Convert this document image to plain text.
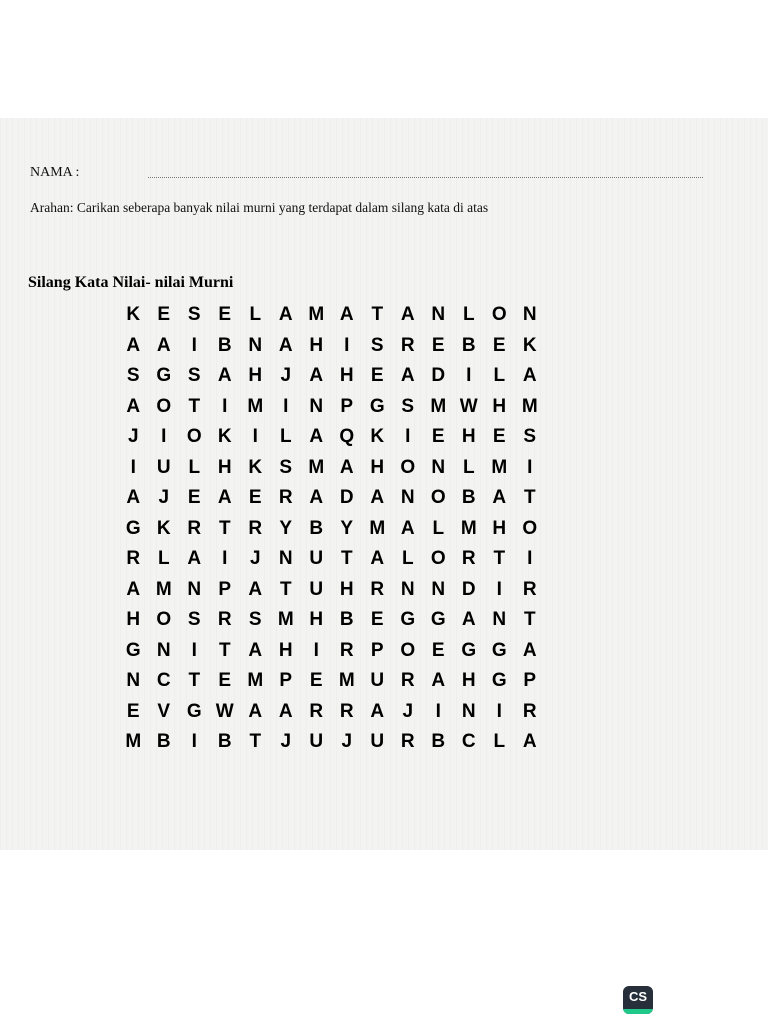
NAMA :
Arahan: Carikan seberapa banyak nilai murni yang terdapat dalam silang kata di atas
Silang Kata Nilai- nilai Murni
K E S E L A M A T A N L O N
A A	I	B N A H	I	S R E B E K
S G S A H J A H E A D	I	L A
A O T	I	M	I	N P G S M W H M
J	I	O K	I	L A Q K	I	E H E S
I	U L H K S M A H O N L M	I
A J E A E R A D A N O B A T
G K R T R Y B Y M A L M H O
R L A	I	J N U T A L O R T	I
A M N P A T U H R N N D	I	R
H O S R S M H B E G G A N T
G N	I	T A H	I	R P O E G G A
N C T E M P E M U R A H G P
E V G W A A R R A J	I	N	I	R
M B	I	B T	J U J U R B C L A
CS
